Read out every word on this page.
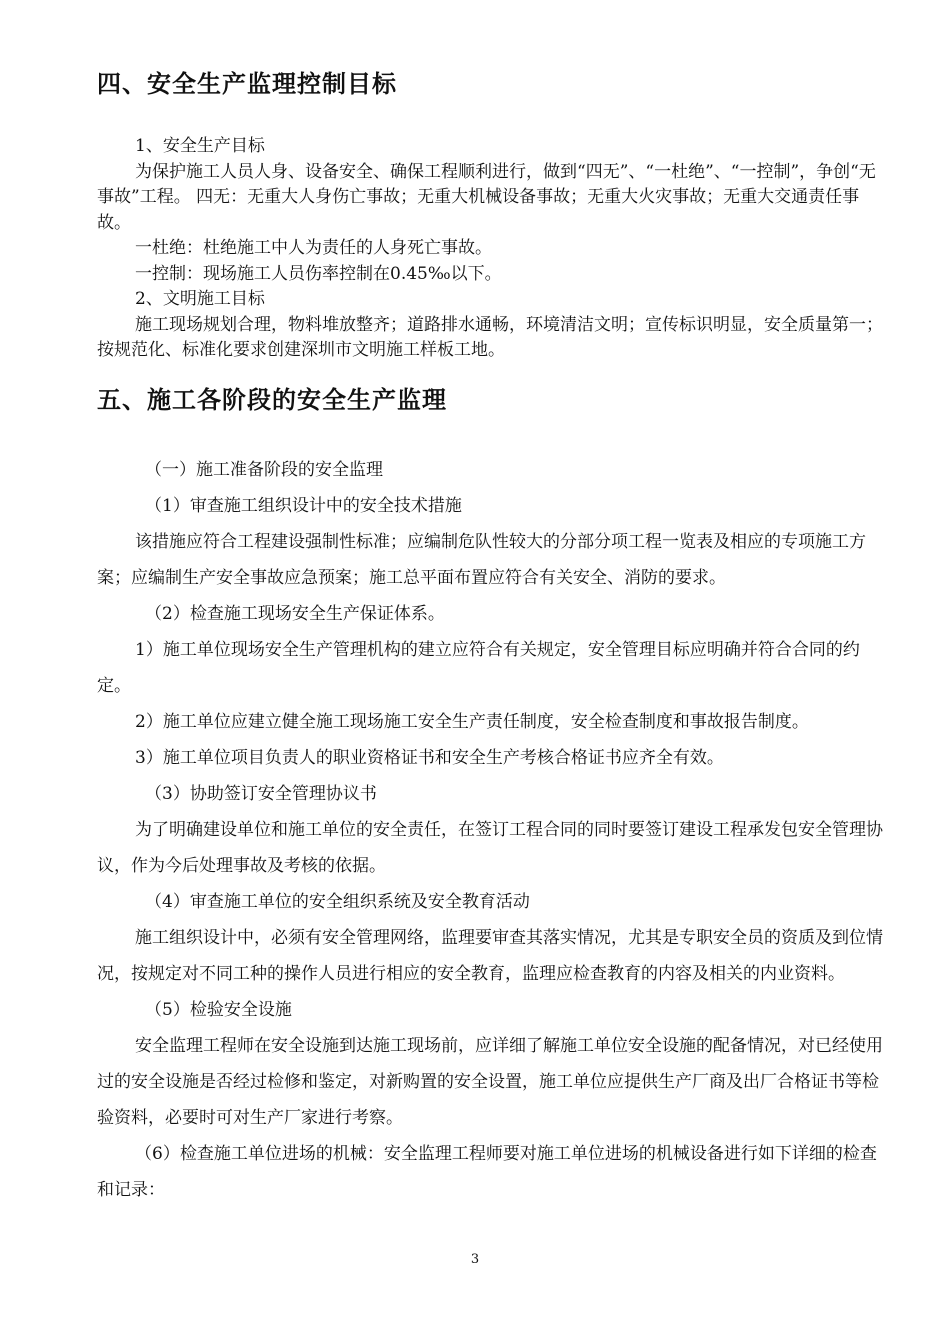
四、安全生产监理控制目标

1、安全生产目标

为保护施工人员人身、设备安全、确保工程顺利进行，做到“四无”、“一杜绝”、“一控制”，争创“无事故”工程。 四无：无重大人身伤亡事故；无重大机械设备事故；无重大火灾事故；无重大交通责任事故。

一杜绝：杜绝施工中人为责任的人身死亡事故。

一控制：现场施工人员伤率控制在0.45‰以下。

2、文明施工目标

施工现场规划合理，物料堆放整齐；道路排水通畅，环境清洁文明；宣传标识明显，安全质量第一；按规范化、标准化要求创建深圳市文明施工样板工地。

五、施工各阶段的安全生产监理

（一）施工准备阶段的安全监理

（1）审查施工组织设计中的安全技术措施

该措施应符合工程建设强制性标准；应编制危队性较大的分部分项工程一览表及相应的专项施工方案；应编制生产安全事故应急预案；施工总平面布置应符合有关安全、消防的要求。

（2）检查施工现场安全生产保证体系。

1）施工单位现场安全生产管理机构的建立应符合有关规定，安全管理目标应明确并符合合同的约定。

2）施工单位应建立健全施工现场施工安全生产责任制度，安全检查制度和事故报告制度。

3）施工单位项目负责人的职业资格证书和安全生产考核合格证书应齐全有效。

（3）协助签订安全管理协议书

为了明确建设单位和施工单位的安全责任，在签订工程合同的同时要签订建设工程承发包安全管理协议，作为今后处理事故及考核的依据。

（4）审查施工单位的安全组织系统及安全教育活动

施工组织设计中，必须有安全管理网络，监理要审查其落实情况，尤其是专职安全员的资质及到位情况，按规定对不同工种的操作人员进行相应的安全教育，监理应检查教育的内容及相关的内业资料。

（5）检验安全设施

安全监理工程师在安全设施到达施工现场前，应详细了解施工单位安全设施的配备情况，对已经使用过的安全设施是否经过检修和鉴定，对新购置的安全设置，施工单位应提供生产厂商及出厂合格证书等检验资料，必要时可对生产厂家进行考察。

（6）检查施工单位进场的机械：安全监理工程师要对施工单位进场的机械设备进行如下详细的检查和记录：

3
